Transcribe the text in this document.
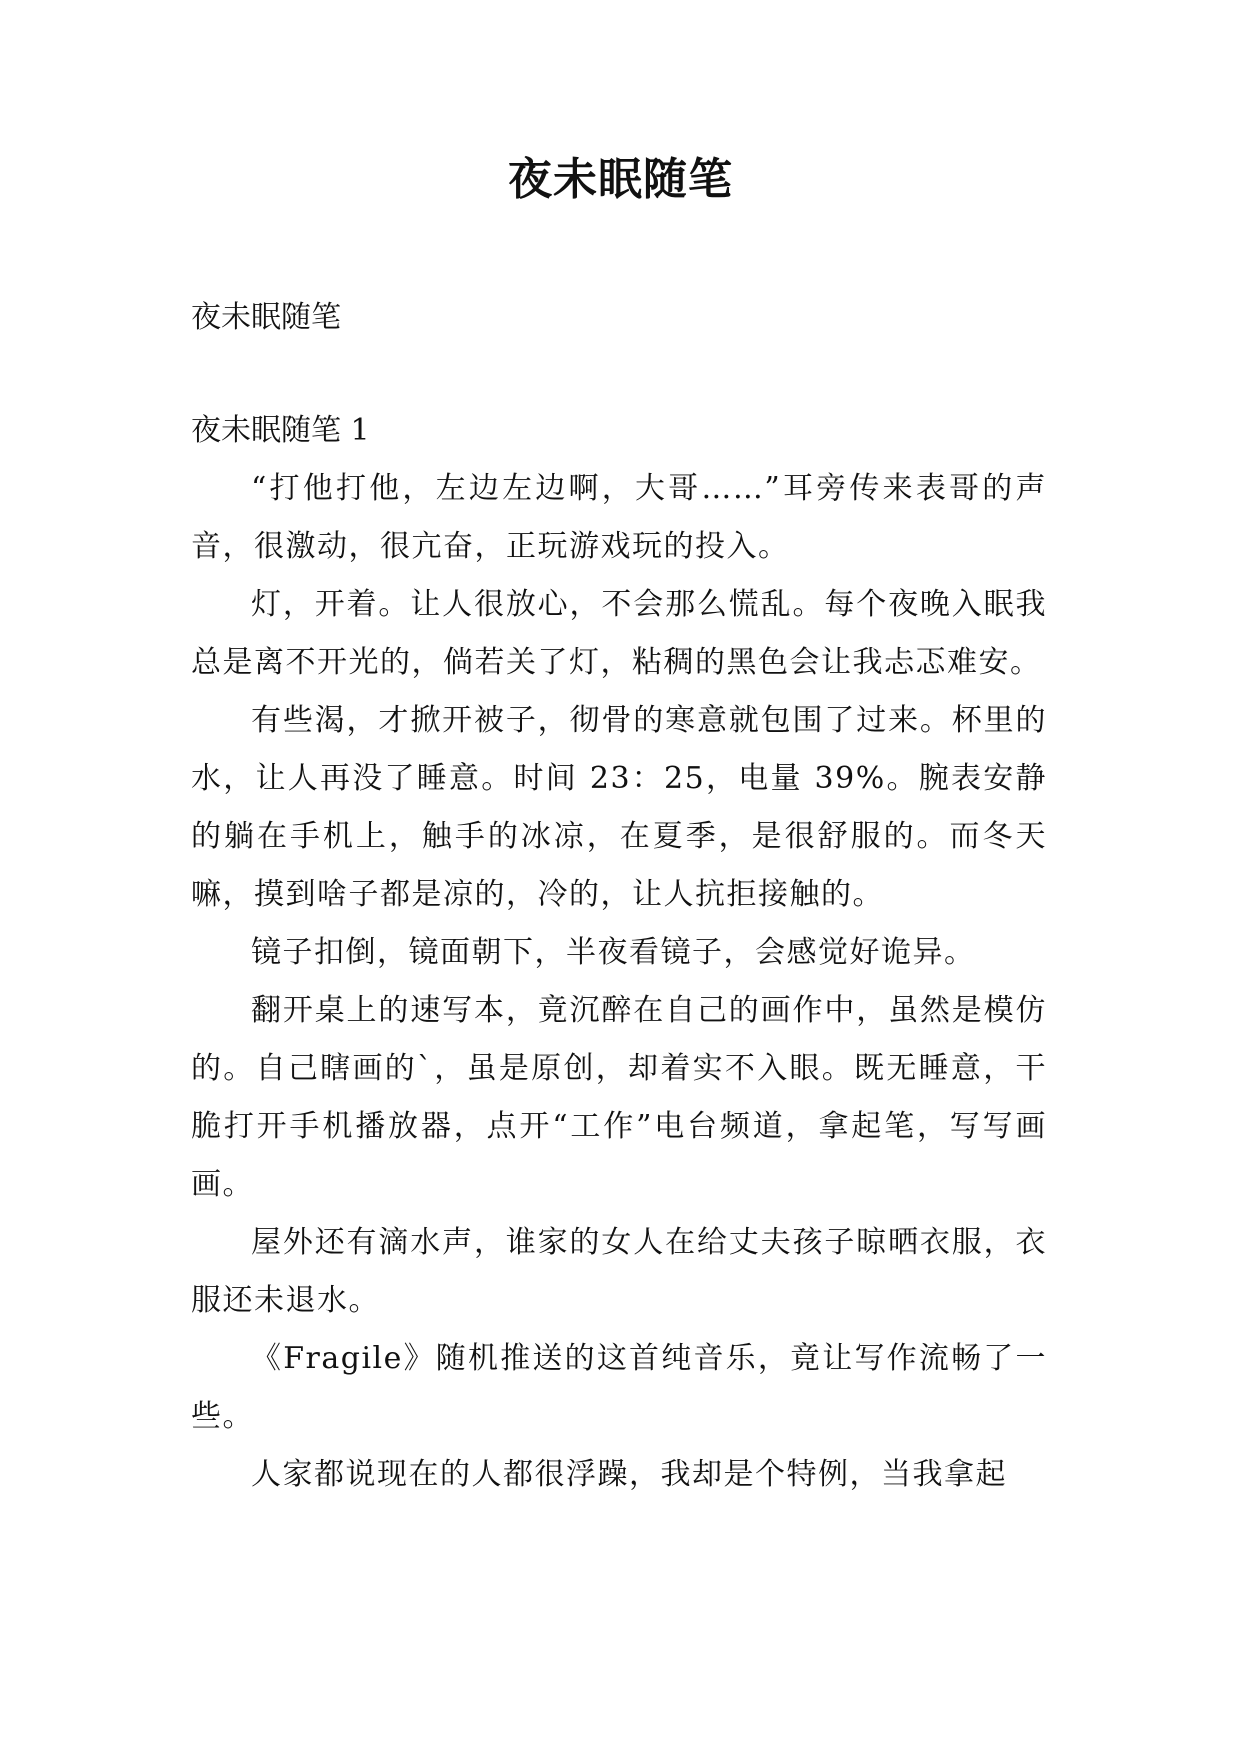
夜未眠随笔
夜未眠随笔
夜未眠随笔 1

“打他打他，左边左边啊，大哥……”耳旁传来表哥的声音，很激动，很亢奋，正玩游戏玩的投入。

灯，开着。让人很放心，不会那么慌乱。每个夜晚入眠我总是离不开光的，倘若关了灯，粘稠的黑色会让我忐忑难安。

有些渴，才掀开被子，彻骨的寒意就包围了过来。杯里的水，让人再没了睡意。时间 23：25，电量 39%。腕表安静的躺在手机上，触手的冰凉，在夏季，是很舒服的。而冬天嘛，摸到啥子都是凉的，冷的，让人抗拒接触的。

镜子扣倒，镜面朝下，半夜看镜子，会感觉好诡异。

翻开桌上的速写本，竟沉醉在自己的画作中，虽然是模仿的。自己瞎画的`，虽是原创，却着实不入眼。既无睡意，干脆打开手机播放器，点开“工作”电台频道，拿起笔，写写画画。

屋外还有滴水声，谁家的女人在给丈夫孩子晾晒衣服，衣服还未退水。

《Fragile》随机推送的这首纯音乐，竟让写作流畅了一些。

人家都说现在的人都很浮躁，我却是个特例，当我拿起
